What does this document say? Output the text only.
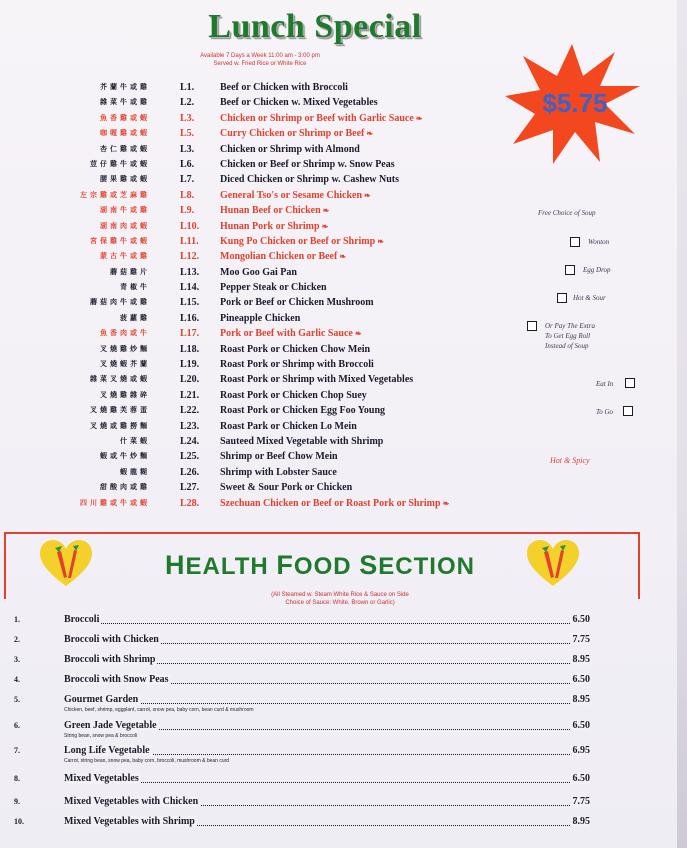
Lunch Special
Available 7 Days a Week 11:00 am - 3:00 pm
Served w. Fried Rice or White Rice
$5.75
芥蘭牛或雞	L1.	Beef or Chicken with Broccoli
雜菜牛或雞	L2.	Beef or Chicken w. Mixed Vegetables
魚香雞或蝦	L3.	Chicken or Shrimp or Beef with Garlic Sauce ❧
咖喱雞或蝦	L5.	Curry Chicken or Shrimp or Beef ❧
杏仁雞或蝦	L3.	Chicken or Shrimp with Almond
荳仔雞牛或蝦	L6.	Chicken or Beef or Shrimp w. Snow Peas
腰果雞或蝦	L7.	Diced Chicken or Shrimp w. Cashew Nuts
左宗雞或芝麻雞	L8.	General Tso's or Sesame Chicken ❧
湖南牛或雞	L9.	Hunan Beef or Chicken ❧
湖南肉或蝦	L10.	Hunan Pork or Shrimp ❧
宮保雞牛或蝦	L11.	Kung Po Chicken or Beef or Shrimp ❧
蒙古牛或雞	L12.	Mongolian Chicken or Beef ❧
蘑菇雞片	L13.	Moo Goo Gai Pan
青椒牛	L14.	Pepper Steak or Chicken
蘑菇肉牛或雞	L15.	Pork or Beef or Chicken Mushroom
菠蘿雞	L16.	Pineapple Chicken
魚香肉或牛	L17.	Pork or Beef with Garlic Sauce ❧
叉燒雞炒麵	L18.	Roast Pork or Chicken Chow Mein
叉燒蝦芥蘭	L19.	Roast Pork or Shrimp with Broccoli
雜菜叉燒或蝦	L20.	Roast Pork or Shrimp with Mixed Vegetables
叉燒雞雜碎	L21.	Roast Pork or Chicken Chop Suey
叉燒雞芙蓉蛋	L22.	Roast Pork or Chicken Egg Foo Young
叉燒或雞撈麵	L23.	Roast Park or Chicken Lo Mein
什菜蝦	L24.	Sauteed Mixed Vegetable with Shrimp
蝦或牛炒麵	L25.	Shrimp or Beef Chow Mein
蝦龍糊	L26.	Shrimp with Lobster Sauce
甜酸肉或雞	L27.	Sweet & Sour Pork or Chicken
四川雞或牛或蝦	L28.	Szechuan Chicken or Beef or Roast Pork or Shrimp ❧
Free Choice of Soup
Wonton
Egg Drop
Hot & Sour
Or Pay The Extra
To Get Egg Roll
Instead of Soup
Eat In
To Go
Hot & Spicy
HEALTH FOOD SECTION
(All Steamed w. Steam White Rice & Sauce on Side
Choice of Sauce: White, Brown or Garlic)
1.	Broccoli	6.50
2.	Broccoli with Chicken	7.75
3.	Broccoli with Shrimp	8.95
4.	Broccoli with Snow Peas	6.50
5.	Gourmet Garden	8.95
Chicken, beef, shrimp, eggplant, carrot, snow pea, baby corn, bean curd & mushroom
6.	Green Jade Vegetable	6.50
String bean, snow pea & broccoli
7.	Long Life Vegetable	6.95
Carrot, string bean, snow pea, baby corn, broccoli, mushroom & bean curd
8.	Mixed Vegetables	6.50
9.	Mixed Vegetables with Chicken	7.75
10.	Mixed Vegetables with Shrimp	8.95
